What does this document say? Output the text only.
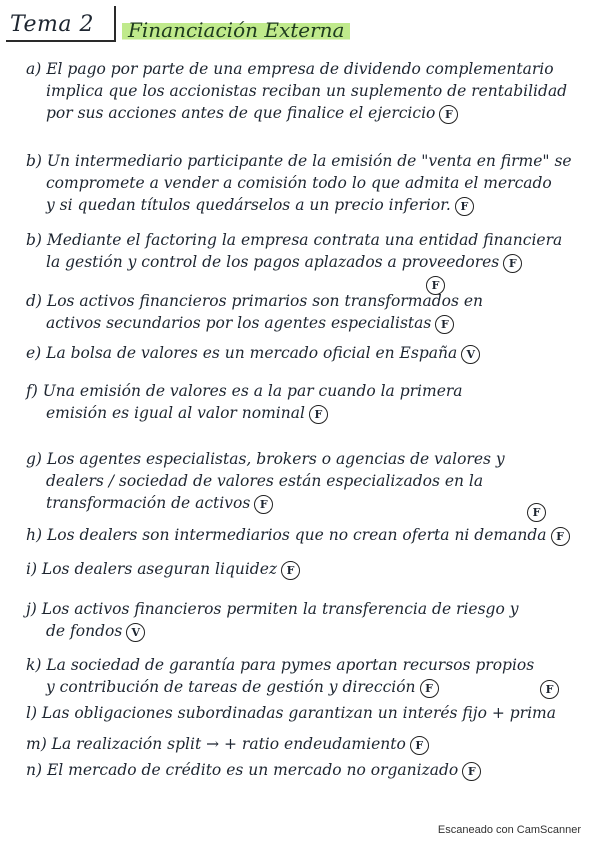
Tema 2	Financiación Externa
a) El pago por parte de una empresa de dividendo complementario
implica que los accionistas reciban un suplemento de rentabilidad
por sus acciones antes de que finalice el ejercicio F
b) Un intermediario participante de la emisión de "venta en firme" se
compromete a vender a comisión todo lo que admita el mercado
y si quedan títulos quedárselos a un precio inferior. F
b) Mediante el factoring la empresa contrata una entidad financiera
la gestión y control de los pagos aplazados a proveedores F
d) Los activos financieros primarios son transformados en
activos secundarios por los agentes especialistas F
e) La bolsa de valores es un mercado oficial en España V
f) Una emisión de valores es a la par cuando la primera
emisión es igual al valor nominal F
g) Los agentes especialistas, brokers o agencias de valores y
dealers / sociedad de valores están especializados en la
transformación de activos F
h) Los dealers son intermediarios que no crean oferta ni demanda F
i) Los dealers aseguran liquidez F
j) Los activos financieros permiten la transferencia de riesgo y
de fondos V
k) La sociedad de garantía para pymes aportan recursos propios
y contribución de tareas de gestión y dirección F
l) Las obligaciones subordinadas garantizan un interés fijo + prima
m) La realización split → + ratio endeudamiento F
n) El mercado de crédito es un mercado no organizado F
F
F
F
Escaneado con CamScanner
